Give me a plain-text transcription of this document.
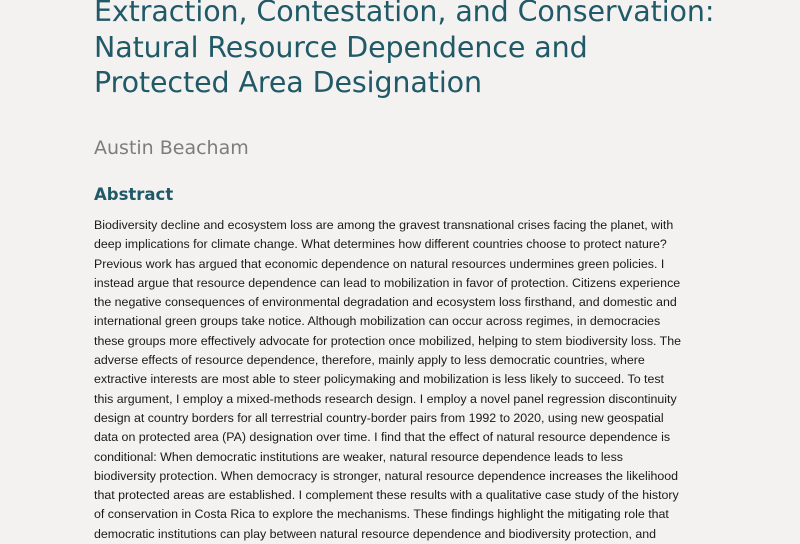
Extraction, Contestation, and Conservation:
Natural Resource Dependence and
Protected Area Designation

Austin Beacham

Abstract
Biodiversity decline and ecosystem loss are among the gravest transnational crises facing the planet, with
deep implications for climate change. What determines how different countries choose to protect nature?
Previous work has argued that economic dependence on natural resources undermines green policies. I
instead argue that resource dependence can lead to mobilization in favor of protection. Citizens experience
the negative consequences of environmental degradation and ecosystem loss firsthand, and domestic and
international green groups take notice. Although mobilization can occur across regimes, in democracies
these groups more effectively advocate for protection once mobilized, helping to stem biodiversity loss. The
adverse effects of resource dependence, therefore, mainly apply to less democratic countries, where
extractive interests are most able to steer policymaking and mobilization is less likely to succeed. To test
this argument, I employ a mixed-methods research design. I employ a novel panel regression discontinuity
design at country borders for all terrestrial country-border pairs from 1992 to 2020, using new geospatial
data on protected area (PA) designation over time. I find that the effect of natural resource dependence is
conditional: When democratic institutions are weaker, natural resource dependence leads to less
biodiversity protection. When democracy is stronger, natural resource dependence increases the likelihood
that protected areas are established. I complement these results with a qualitative case study of the history
of conservation in Costa Rica to explore the mechanisms. These findings highlight the mitigating role that
democratic institutions can play between natural resource dependence and biodiversity protection, and
